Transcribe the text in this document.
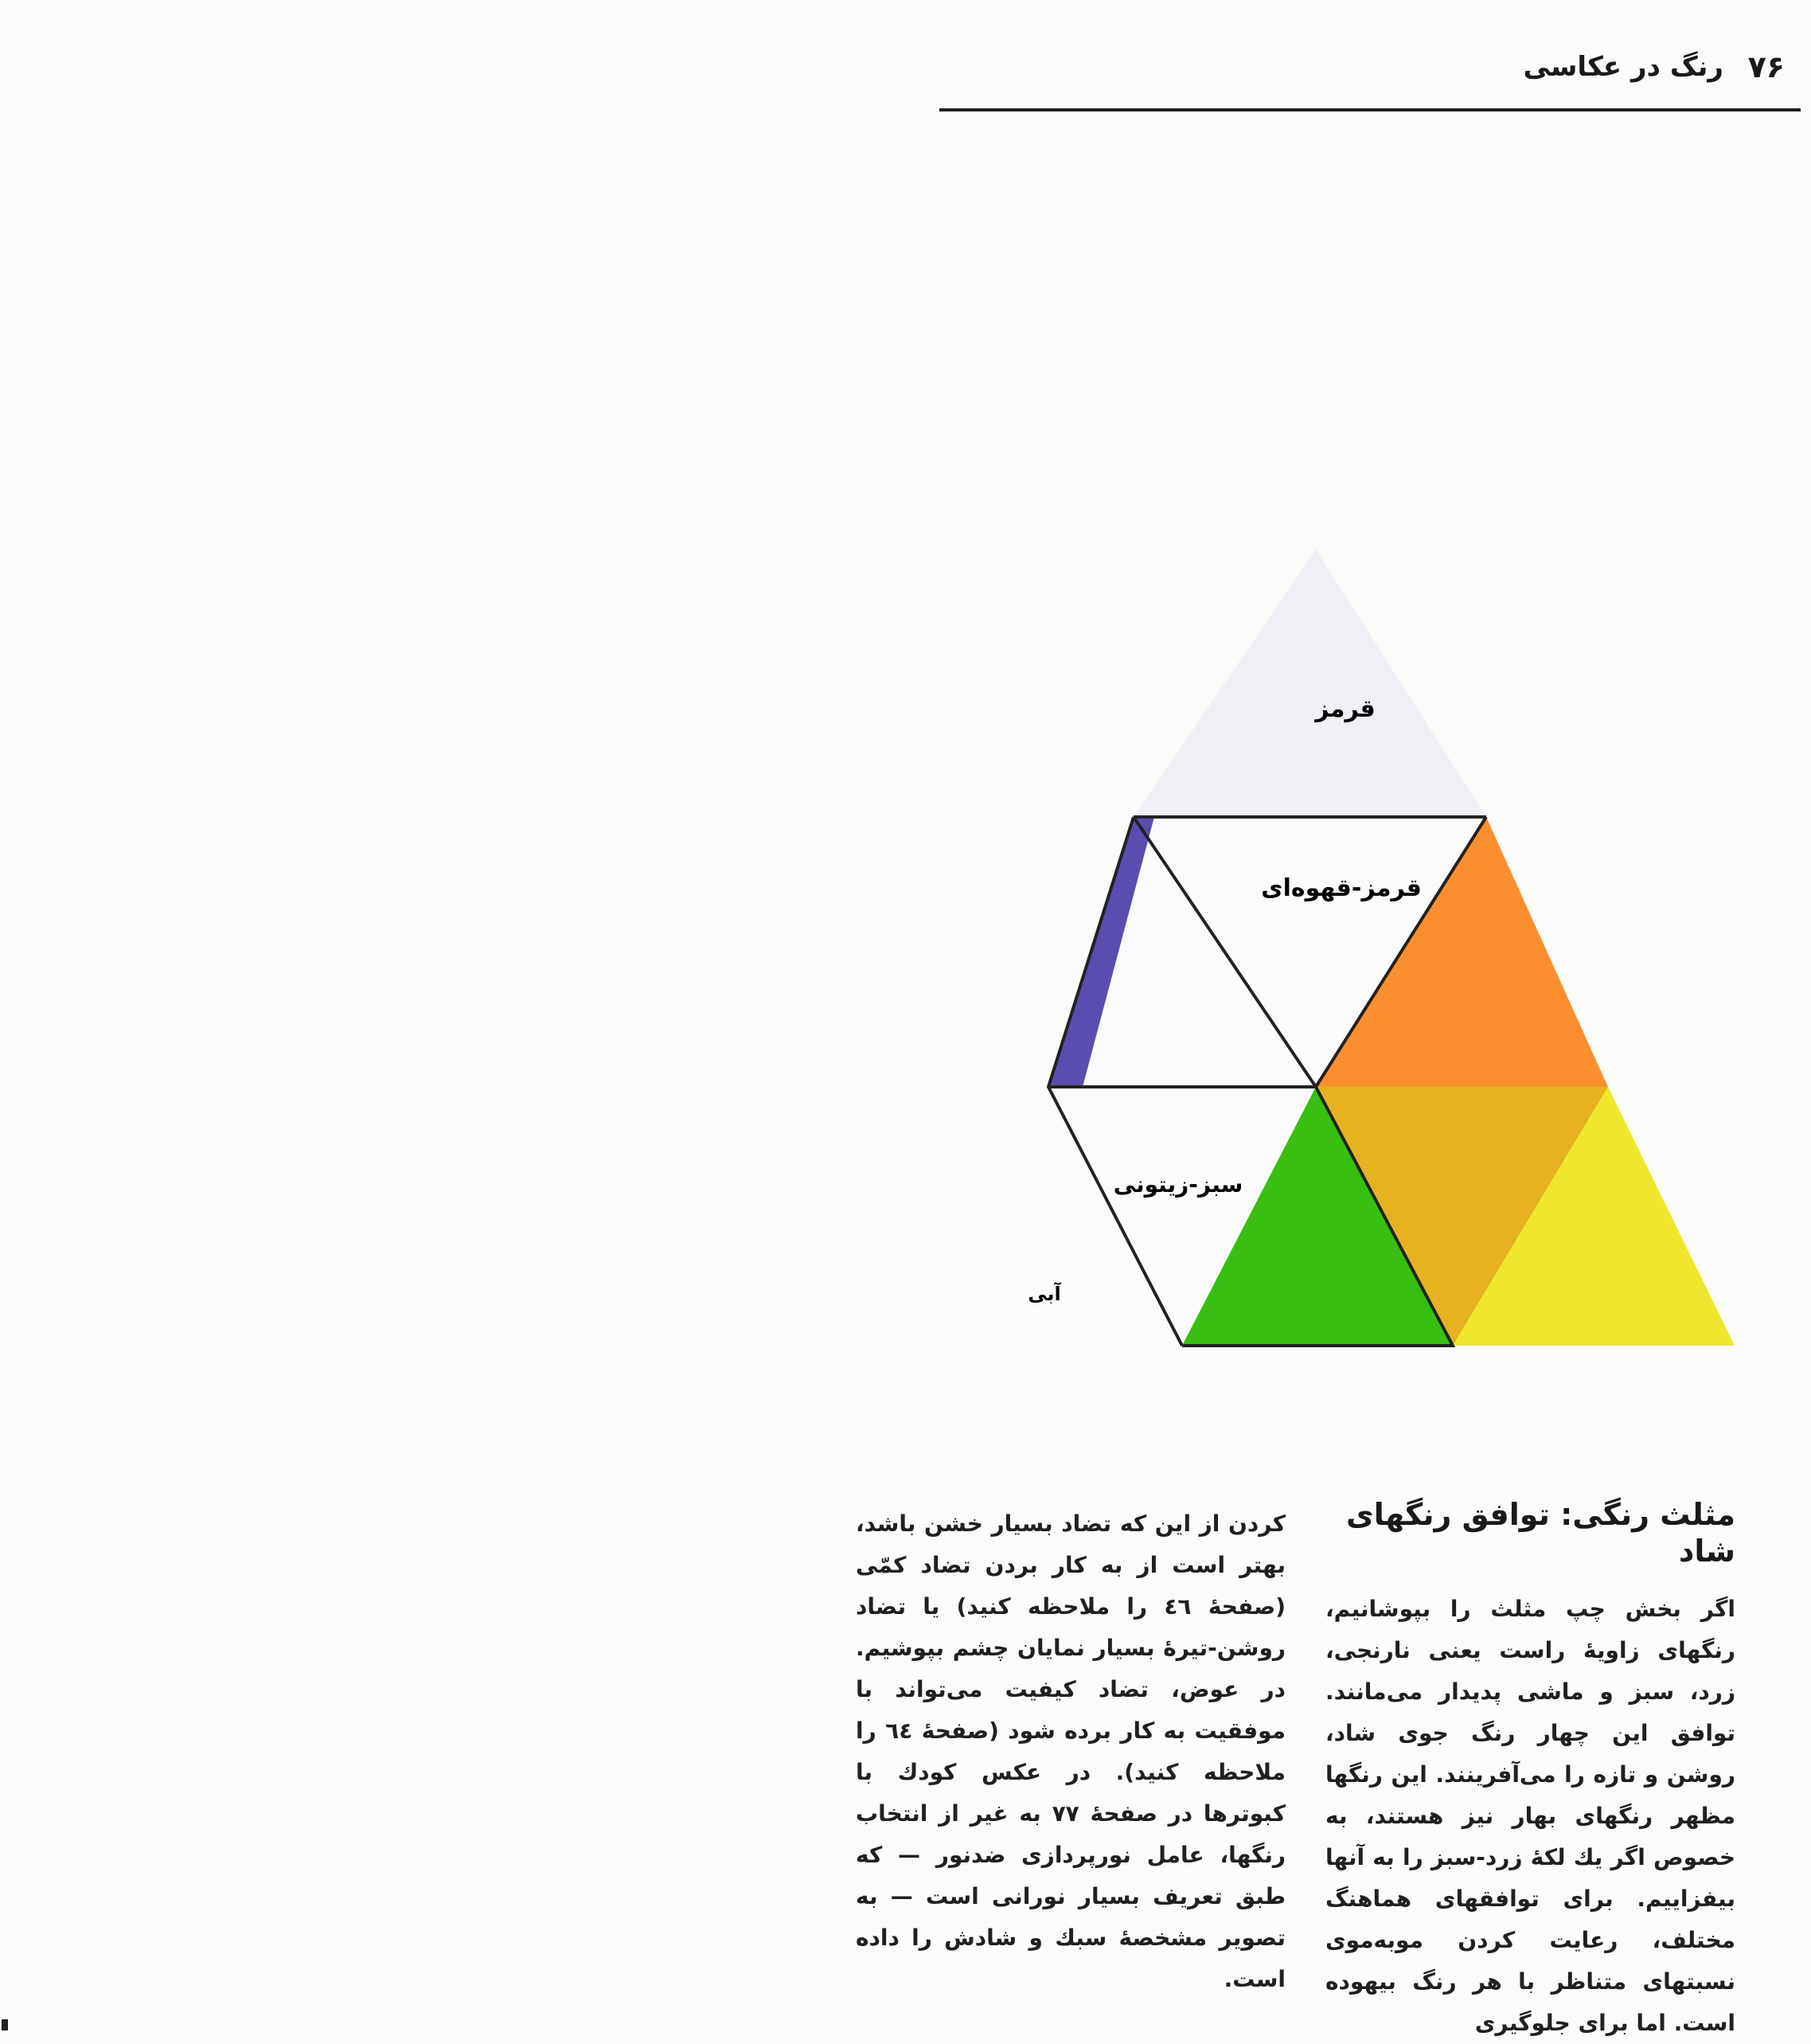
۷۶
رنگ در عکاسی
قرمز
قرمز-قهوه‌ای
سبز-زیتونی
آبی
مثلث رنگی: توافق رنگهای شاد
اگر بخش چپ مثلث را بپوشانیم، رنگهای زاویهٔ راست یعنی نارنجی، زرد، سبز و ماشی پدیدار می‌مانند. توافق این چهار رنگ جوی شاد، روشن و تازه را می‌آفرینند. این رنگها مظهر رنگهای بهار نیز هستند، به خصوص اگر یك لکهٔ زرد-سبز را به آنها بیفزاییم. برای توافقهای هماهنگ مختلف، رعایت کردن موبه‌موی نسبتهای متناظر با هر رنگ بیهوده است. اما برای جلوگیری
کردن از این که تضاد بسیار خشن باشد، بهتر است از به کار بردن تضاد کمّی (صفحهٔ ٤٦ را ملاحظه کنید) یا تضاد روشن-تیرهٔ بسیار نمایان چشم بپوشیم. در عوض، تضاد کیفیت می‌تواند با موفقیت به کار برده شود (صفحهٔ ٦٤ را ملاحظه کنید). در عکس کودك با کبوترها در صفحهٔ ۷۷ به غیر از انتخاب رنگها، عامل نورپردازی ضدنور — که طبق تعریف بسیار نورانی است — به تصویر مشخصهٔ سبك و شادش را داده است.
